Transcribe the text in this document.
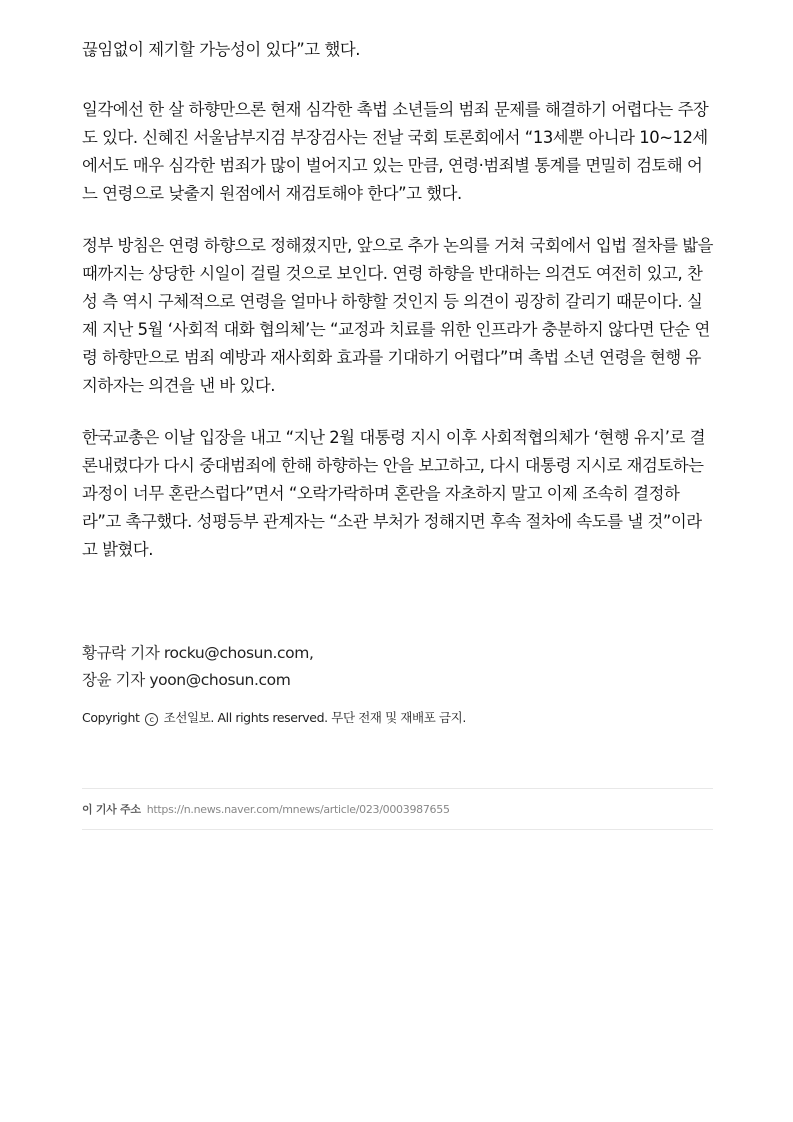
끊임없이 제기할 가능성이 있다”고 했다.

일각에선 한 살 하향만으론 현재 심각한 촉법 소년들의 범죄 문제를 해결하기 어렵다는 주장도 있다. 신혜진 서울남부지검 부장검사는 전날 국회 토론회에서 “13세뿐 아니라 10~12세에서도 매우 심각한 범죄가 많이 벌어지고 있는 만큼, 연령·범죄별 통계를 면밀히 검토해 어느 연령으로 낮출지 원점에서 재검토해야 한다”고 했다.

정부 방침은 연령 하향으로 정해졌지만, 앞으로 추가 논의를 거쳐 국회에서 입법 절차를 밟을 때까지는 상당한 시일이 걸릴 것으로 보인다. 연령 하향을 반대하는 의견도 여전히 있고, 찬성 측 역시 구체적으로 연령을 얼마나 하향할 것인지 등 의견이 굉장히 갈리기 때문이다. 실제 지난 5월 ‘사회적 대화 협의체’는 “교정과 치료를 위한 인프라가 충분하지 않다면 단순 연령 하향만으로 범죄 예방과 재사회화 효과를 기대하기 어렵다”며 촉법 소년 연령을 현행 유지하자는 의견을 낸 바 있다.

한국교총은 이날 입장을 내고 “지난 2월 대통령 지시 이후 사회적협의체가 ‘현행 유지’로 결론내렸다가 다시 중대범죄에 한해 하향하는 안을 보고하고, 다시 대통령 지시로 재검토하는 과정이 너무 혼란스럽다”면서 “오락가락하며 혼란을 자초하지 말고 이제 조속히 결정하라”고 촉구했다. 성평등부 관계자는 “소관 부처가 정해지면 후속 절차에 속도를 낼 것”이라고 밝혔다.

황규락 기자 rocku@chosun.com,
장윤 기자 yoon@chosun.com
Copyright c 조선일보. All rights reserved. 무단 전재 및 재배포 금지.
이 기사 주소 https://n.news.naver.com/mnews/article/023/0003987655
